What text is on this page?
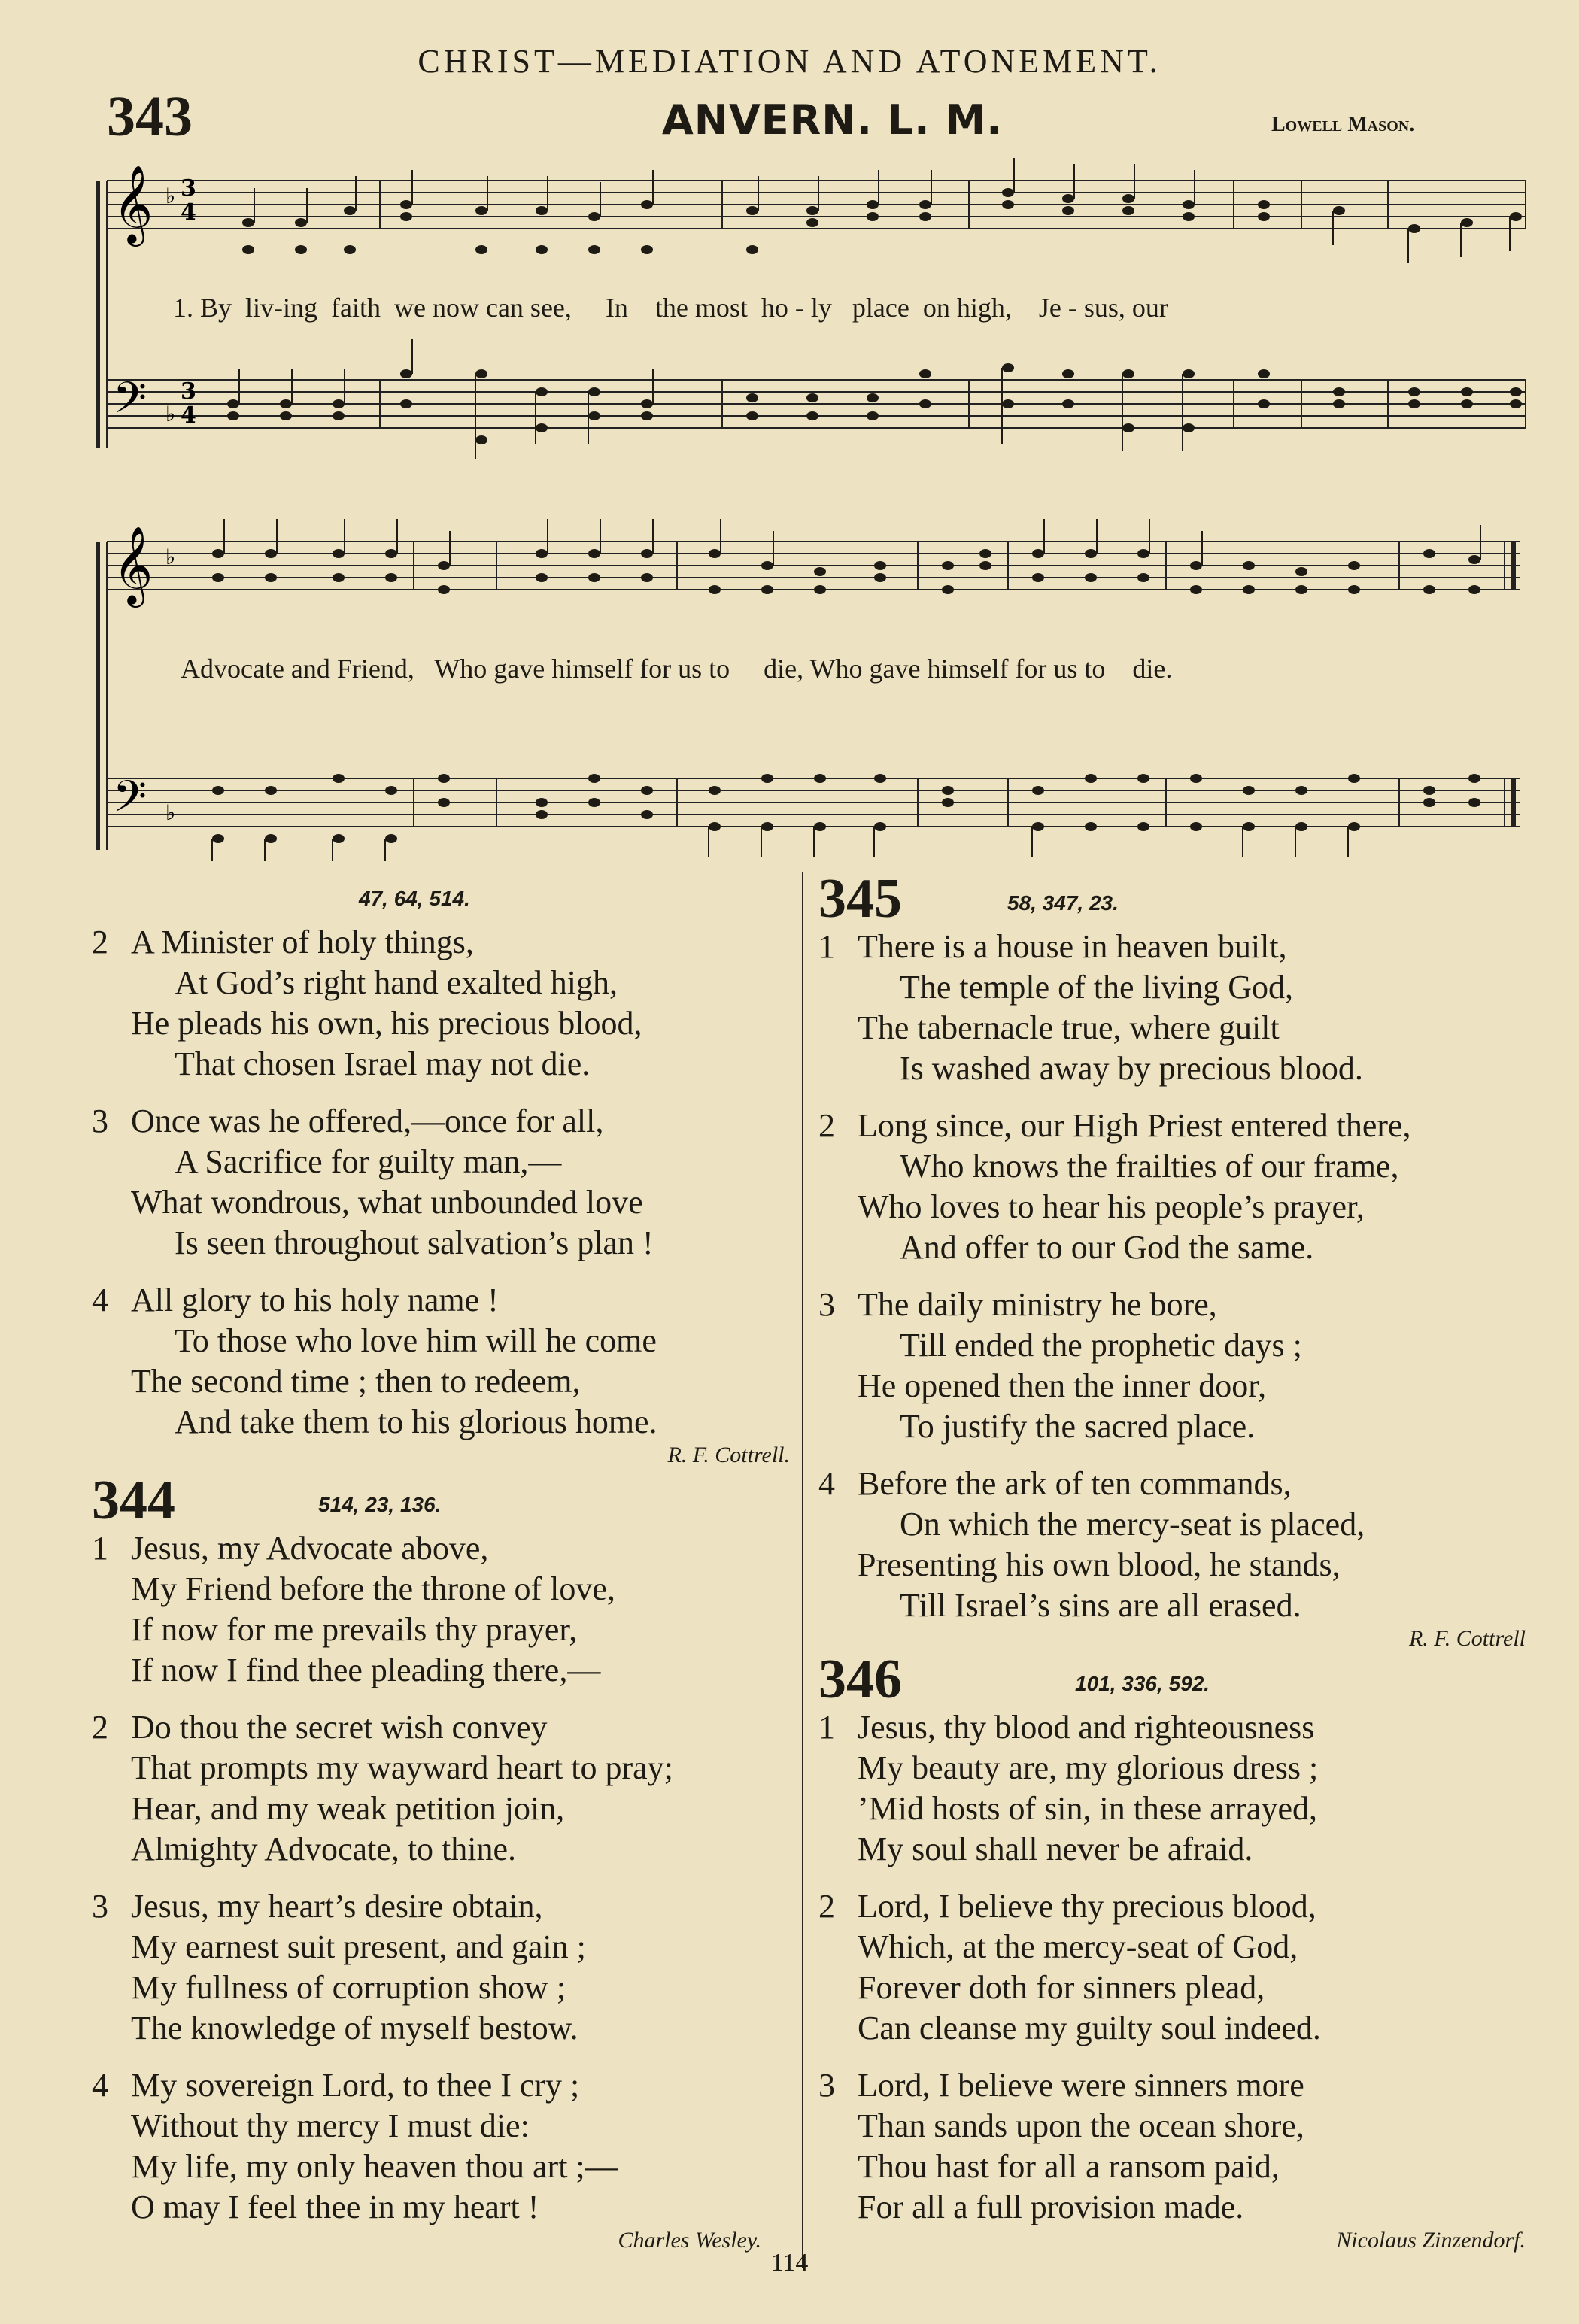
CHRIST—MEDIATION AND ATONEMENT.
343	ANVERN. L. M.	Lowell Mason.
𝄞
𝄢
♭ 3
4
♭
3
4
1. By liv-ing faith we now can see, In the most ho - ly place on high, Je - sus, our
𝄞
𝄢
♭
♭
Advocate and Friend, Who gave himself for us to die, Who gave himself for us to die.
47, 64, 514.
2 A Minister of holy things,
At God’s right hand exalted high,
He pleads his own, his precious blood,
That chosen Israel may not die.
3 Once was he offered,—once for all,
A Sacrifice for guilty man,—
What wondrous, what unbounded love
Is seen throughout salvation’s plan !
4 All glory to his holy name !
To those who love him will he come
The second time ; then to redeem,
And take them to his glorious home.
R. F. Cottrell.
344	514, 23, 136.
1 Jesus, my Advocate above,
My Friend before the throne of love,
If now for me prevails thy prayer,
If now I find thee pleading there,—
2 Do thou the secret wish convey
That prompts my wayward heart to pray;
Hear, and my weak petition join,
Almighty Advocate, to thine.
3 Jesus, my heart’s desire obtain,
My earnest suit present, and gain ;
My fullness of corruption show ;
The knowledge of myself bestow.
4 My sovereign Lord, to thee I cry ;
Without thy mercy I must die:
My life, my only heaven thou art ;—
O may I feel thee in my heart !
Charles Wesley.
345	58, 347, 23.
1 There is a house in heaven built,
The temple of the living God,
The tabernacle true, where guilt
Is washed away by precious blood.
2 Long since, our High Priest entered there,
Who knows the frailties of our frame,
Who loves to hear his people’s prayer,
And offer to our God the same.
3 The daily ministry he bore,
Till ended the prophetic days ;
He opened then the inner door,
To justify the sacred place.
4 Before the ark of ten commands,
On which the mercy-seat is placed,
Presenting his own blood, he stands,
Till Israel’s sins are all erased.
R. F. Cottrell
346	101, 336, 592.
1 Jesus, thy blood and righteousness
My beauty are, my glorious dress ;
’Mid hosts of sin, in these arrayed,
My soul shall never be afraid.
2 Lord, I believe thy precious blood,
Which, at the mercy-seat of God,
Forever doth for sinners plead,
Can cleanse my guilty soul indeed.
3 Lord, I believe were sinners more
Than sands upon the ocean shore,
Thou hast for all a ransom paid,
For all a full provision made.
Nicolaus Zinzendorf.
114
